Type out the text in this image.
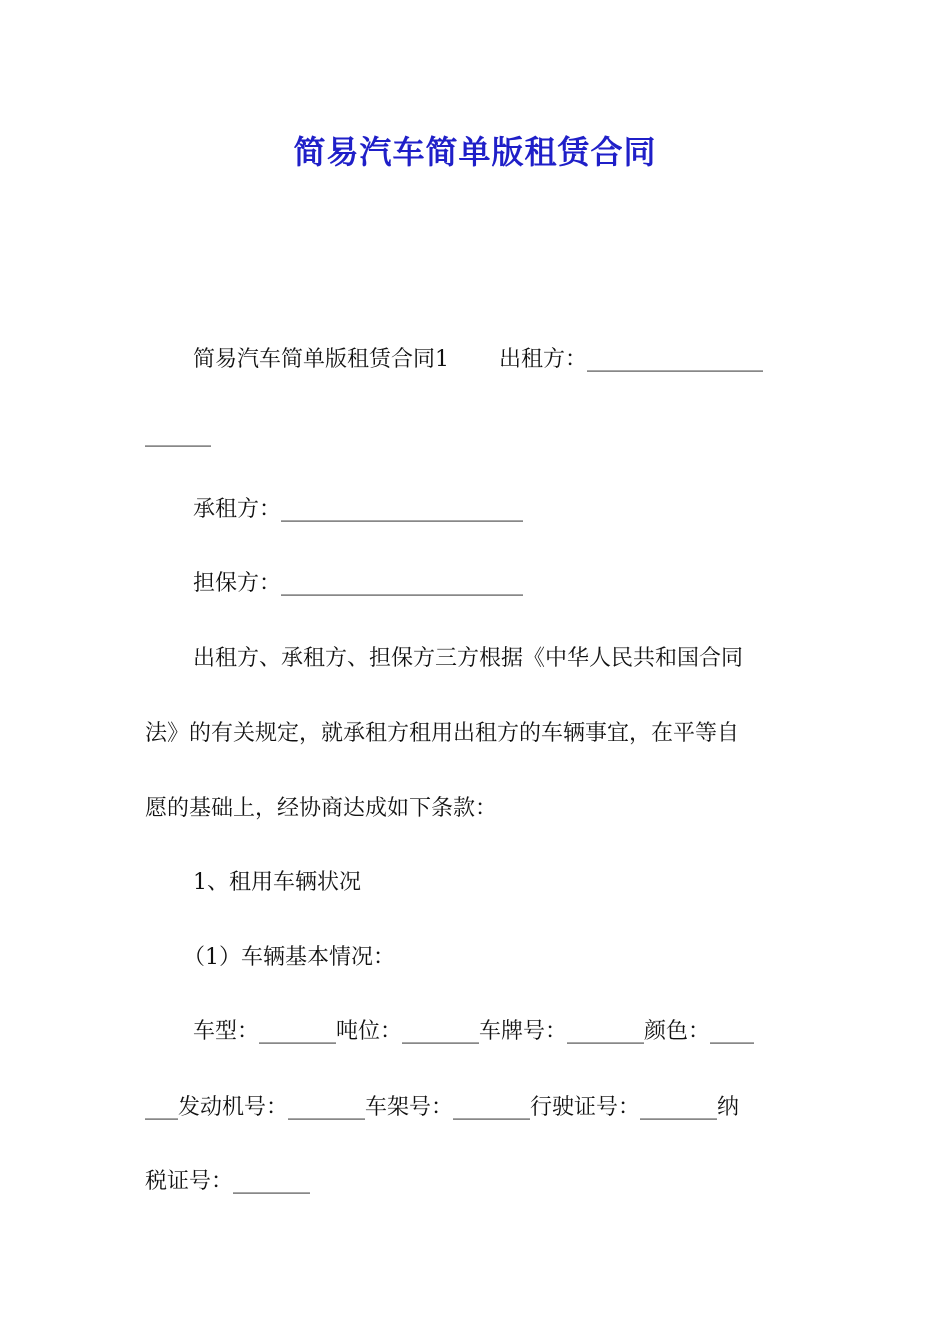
简易汽车简单版租赁合同
简易汽车简单版租赁合同1 出租方：________________
______
承租方：______________________
担保方：______________________
出租方、承租方、担保方三方根据《中华人民共和国合同
法》的有关规定，就承租方租用出租方的车辆事宜，在平等自
愿的基础上，经协商达成如下条款：
1、租用车辆状况
（1）车辆基本情况：
车型：_______吨位：_______车牌号：_______颜色：____
___发动机号：_______车架号：_______行驶证号：_______纳
税证号：_______
